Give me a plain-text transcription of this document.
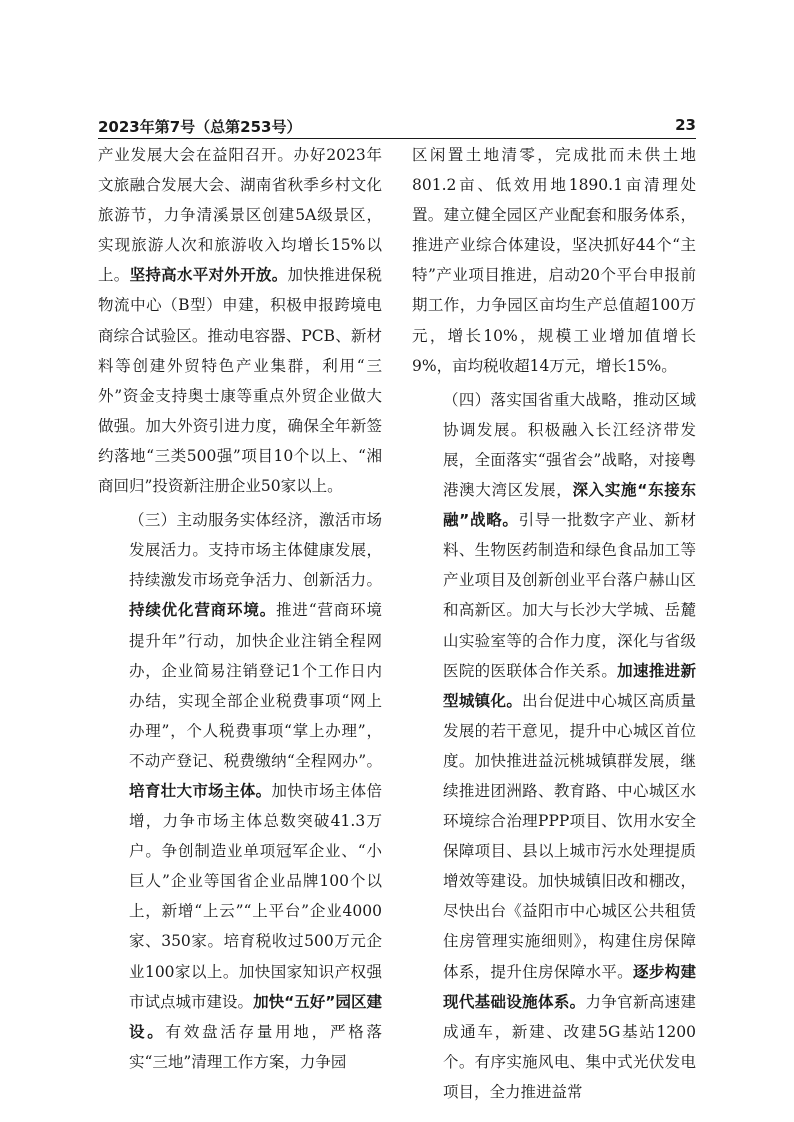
2023年第7号（总第253号）	23

产业发展大会在益阳召开。办好2023年文旅融合发展大会、湖南省秋季乡村文化旅游节，力争清溪景区创建5A级景区，实现旅游人次和旅游收入均增长15%以上。坚持高水平对外开放。加快推进保税物流中心（B型）申建，积极申报跨境电商综合试验区。推动电容器、PCB、新材料等创建外贸特色产业集群，利用“三外”资金支持奥士康等重点外贸企业做大做强。加大外资引进力度，确保全年新签约落地“三类500强”项目10个以上、“湘商回归”投资新注册企业50家以上。

（三）主动服务实体经济，激活市场发展活力。支持市场主体健康发展，持续激发市场竞争活力、创新活力。持续优化营商环境。推进“营商环境提升年”行动，加快企业注销全程网办，企业简易注销登记1个工作日内办结，实现全部企业税费事项“网上办理”，个人税费事项“掌上办理”，不动产登记、税费缴纳“全程网办”。培育壮大市场主体。加快市场主体倍增，力争市场主体总数突破41.3万户。争创制造业单项冠军企业、“小巨人”企业等国省企业品牌100个以上，新增“上云”“上平台”企业4000家、350家。培育税收过500万元企业100家以上。加快国家知识产权强市试点城市建设。加快“五好”园区建设。有效盘活存量用地，严格落实“三地”清理工作方案，力争园

区闲置土地清零，完成批而未供土地801.2亩、低效用地1890.1亩清理处置。建立健全园区产业配套和服务体系，推进产业综合体建设，坚决抓好44个“主特”产业项目推进，启动20个平台申报前期工作，力争园区亩均生产总值超100万元，增长10%，规模工业增加值增长9%，亩均税收超14万元，增长15%。

（四）落实国省重大战略，推动区域协调发展。积极融入长江经济带发展，全面落实“强省会”战略，对接粤港澳大湾区发展，深入实施“东接东融”战略。引导一批数字产业、新材料、生物医药制造和绿色食品加工等产业项目及创新创业平台落户赫山区和高新区。加大与长沙大学城、岳麓山实验室等的合作力度，深化与省级医院的医联体合作关系。加速推进新型城镇化。出台促进中心城区高质量发展的若干意见，提升中心城区首位度。加快推进益沅桃城镇群发展，继续推进团洲路、教育路、中心城区水环境综合治理PPP项目、饮用水安全保障项目、县以上城市污水处理提质增效等建设。加快城镇旧改和棚改，尽快出台《益阳市中心城区公共租赁住房管理实施细则》，构建住房保障体系，提升住房保障水平。逐步构建现代基础设施体系。力争官新高速建成通车，新建、改建5G基站1200个。有序实施风电、集中式光伏发电项目，全力推进益常
